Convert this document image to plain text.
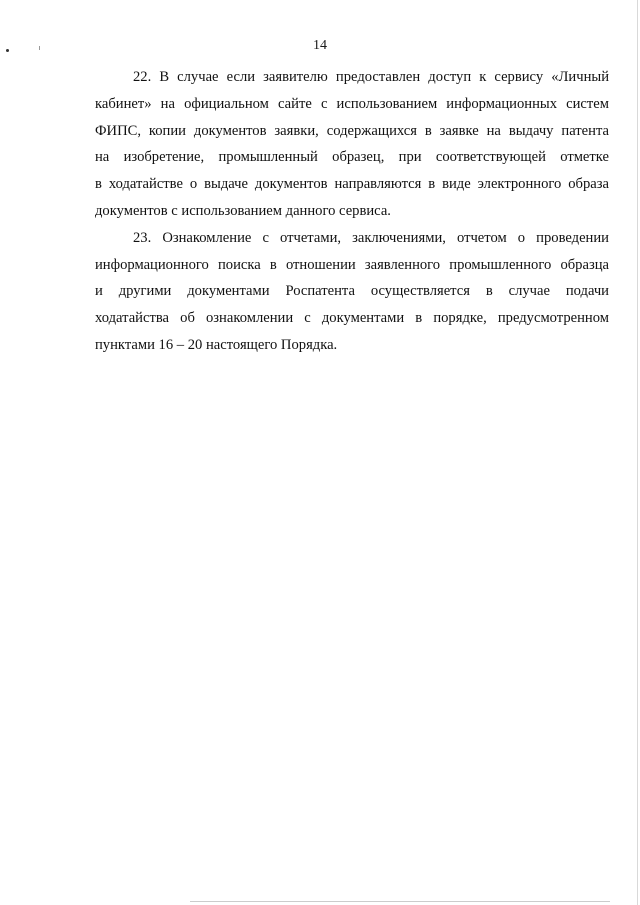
14
22. В случае если заявителю предоставлен доступ к сервису «Личный
кабинет» на официальном сайте с использованием информационных систем
ФИПС, копии документов заявки, содержащихся в заявке на выдачу патента
на изобретение, промышленный образец, при соответствующей отметке
в ходатайстве о выдаче документов направляются в виде электронного образа
документов с использованием данного сервиса.
23. Ознакомление с отчетами, заключениями, отчетом о проведении
информационного поиска в отношении заявленного промышленного образца
и другими документами Роспатента осуществляется в случае подачи
ходатайства об ознакомлении с документами в порядке, предусмотренном
пунктами 16 – 20 настоящего Порядка.
